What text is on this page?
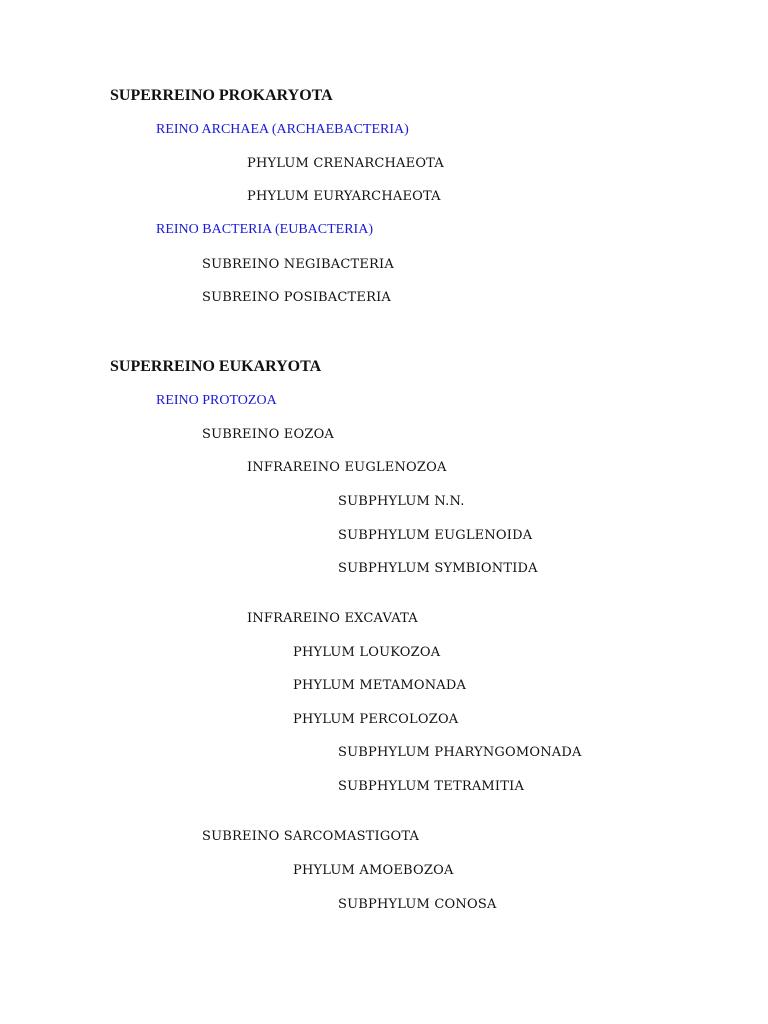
SUPERREINO PROKARYOTA
REINO ARCHAEA (ARCHAEBACTERIA)
PHYLUM CRENARCHAEOTA
PHYLUM EURYARCHAEOTA
REINO BACTERIA (EUBACTERIA)
SUBREINO NEGIBACTERIA
SUBREINO POSIBACTERIA
SUPERREINO EUKARYOTA
REINO PROTOZOA
SUBREINO EOZOA
INFRAREINO EUGLENOZOA
SUBPHYLUM N.N.
SUBPHYLUM EUGLENOIDA
SUBPHYLUM SYMBIONTIDA
INFRAREINO EXCAVATA
PHYLUM LOUKOZOA
PHYLUM METAMONADA
PHYLUM PERCOLOZOA
SUBPHYLUM PHARYNGOMONADA
SUBPHYLUM TETRAMITIA
SUBREINO SARCOMASTIGOTA
PHYLUM AMOEBOZOA
SUBPHYLUM CONOSA
